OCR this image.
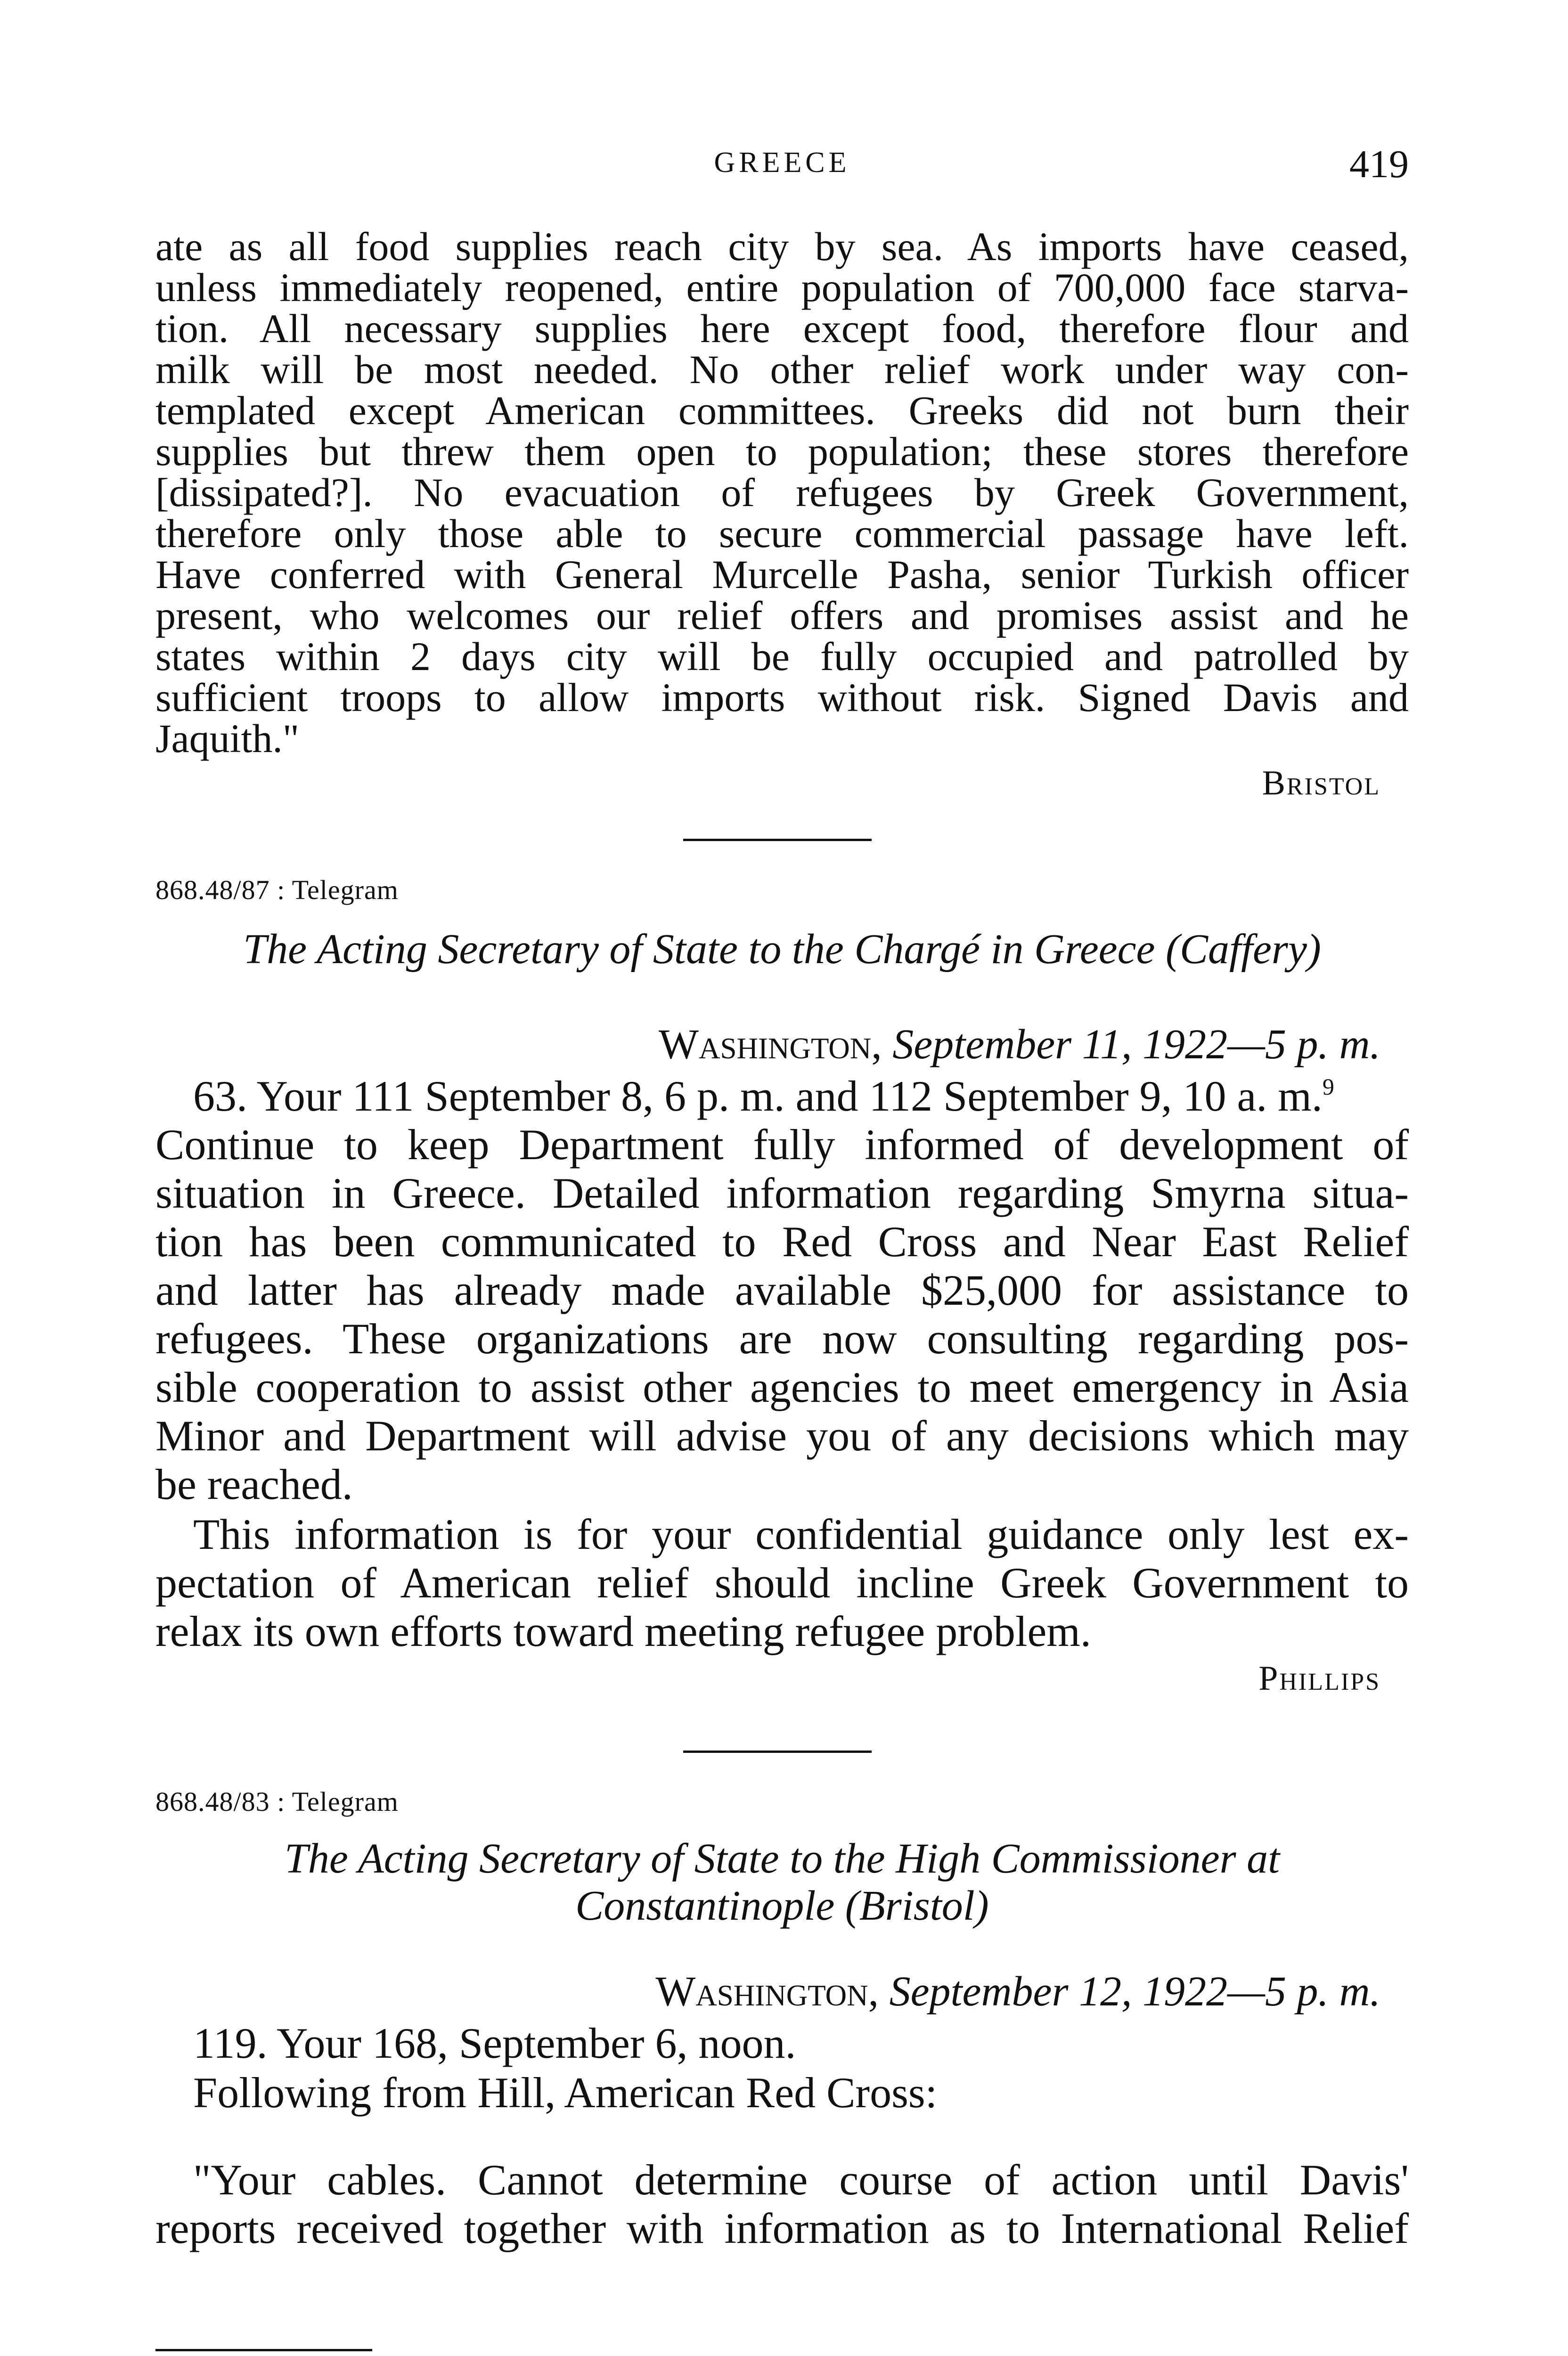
GREECE	419
ate as all food supplies reach city by sea. As imports have ceased,
unless immediately reopened, entire population of 700,000 face starva-
tion. All necessary supplies here except food, therefore flour and
milk will be most needed. No other relief work under way con-
templated except American committees. Greeks did not burn their
supplies but threw them open to population; these stores therefore
[dissipated?]. No evacuation of refugees by Greek Government,
therefore only those able to secure commercial passage have left.
Have conferred with General Murcelle Pasha, senior Turkish officer
present, who welcomes our relief offers and promises assist and he
states within 2 days city will be fully occupied and patrolled by
sufficient troops to allow imports without risk. Signed Davis and
Jaquith."
Bristol
868.48/87 : Telegram
The Acting Secretary of State to the Chargé in Greece (Caffery)
Washington, September 11, 1922—5 p. m.
63. Your 111 September 8, 6 p. m. and 112 September 9, 10 a. m.$^9$
Continue to keep Department fully informed of development of
situation in Greece. Detailed information regarding Smyrna situa-
tion has been communicated to Red Cross and Near East Relief
and latter has already made available $25,000 for assistance to
refugees. These organizations are now consulting regarding pos-
sible cooperation to assist other agencies to meet emergency in Asia
Minor and Department will advise you of any decisions which may
be reached.
This information is for your confidential guidance only lest ex-
pectation of American relief should incline Greek Government to
relax its own efforts toward meeting refugee problem.
Phillips
868.48/83 : Telegram
The Acting Secretary of State to the High Commissioner at
Constantinople (Bristol)
Washington, September 12, 1922—5 p. m.
119. Your 168, September 6, noon.
Following from Hill, American Red Cross:
"Your cables. Cannot determine course of action until Davis'
reports received together with information as to International Relief
